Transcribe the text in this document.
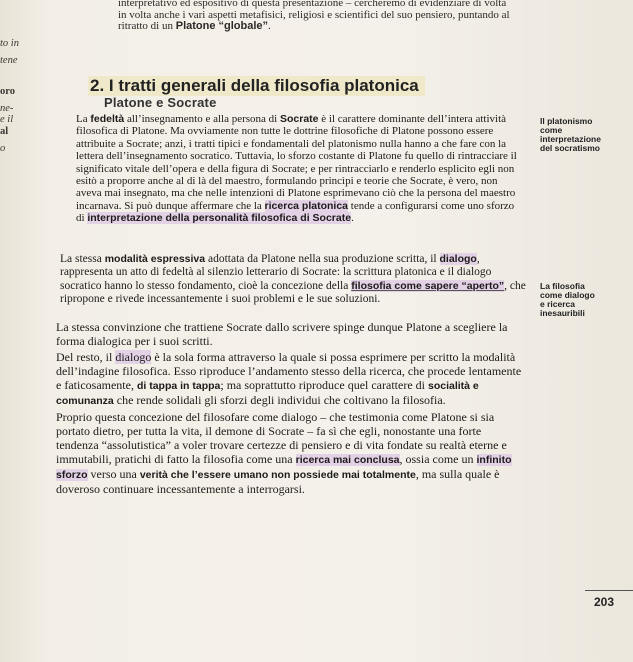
interpretativo ed espositivo di questa presentazione – cercheremo di evidenziare di volta
in volta anche i vari aspetti metafisici, religiosi e scientifici del suo pensiero, puntando al
ritratto di un Platone “globale”.
to in
tene
oro
ne-
e il
al
o
2. I tratti generali della filosofia platonica
Platone e Socrate

La fedeltà all’insegnamento e alla persona di Socrate è il carattere dominante dell’intera attività filosofica di Platone. Ma ovviamente non tutte le dottrine filosofiche di Platone possono essere attribuite a Socrate; anzi, i tratti tipici e fondamentali del platonismo nulla hanno a che fare con la lettera dell’insegnamento socratico. Tuttavia, lo sforzo costante di Platone fu quello di rintracciare il significato vitale dell’opera e della figura di Socrate; e per rintracciarlo e renderlo esplicito egli non esitò a proporre anche al di là del maestro, formulando princìpi e teorie che Socrate, è vero, non aveva mai insegnato, ma che nelle intenzioni di Platone esprimevano ciò che la persona del maestro incarnava. Si può dunque affermare che la ricerca platonica tende a configurarsi come uno sforzo di interpretazione della personalità filosofica di Socrate.

La stessa modalità espressiva adottata da Platone nella sua produzione scritta, il dialogo, rappresenta un atto di fedeltà al silenzio letterario di Socrate: la scrittura platonica e il dialogo socratico hanno lo stesso fondamento, cioè la concezione della filosofia come sapere “aperto”, che ripropone e rivede incessantemente i suoi problemi e le sue soluzioni.

La stessa convinzione che trattiene Socrate dallo scrivere spinge dunque Platone a scegliere la forma dialogica per i suoi scritti.

Del resto, il dialogo è la sola forma attraverso la quale si possa esprimere per scritto la modalità dell’indagine filosofica. Esso riproduce l’andamento stesso della ricerca, che procede lentamente e faticosamente, di tappa in tappa; ma soprattutto riproduce quel carattere di socialità e comunanza che rende solidali gli sforzi degli individui che coltivano la filosofia.

Proprio questa concezione del filosofare come dialogo – che testimonia come Platone si sia portato dietro, per tutta la vita, il demone di Socrate – fa sì che egli, nonostante una forte tendenza “assolutistica” a voler trovare certezze di pensiero e di vita fondate su realtà eterne e immutabili, pratichi di fatto la filosofia come una ricerca mai conclusa, ossia come un infinito sforzo verso una verità che l’essere umano non possiede mai totalmente, ma sulla quale è doveroso continuare incessantemente a interrogarsi.

Il platonismo
come
interpretazione
del socratismo
La filosofia
come dialogo
e ricerca
inesauribili
203
